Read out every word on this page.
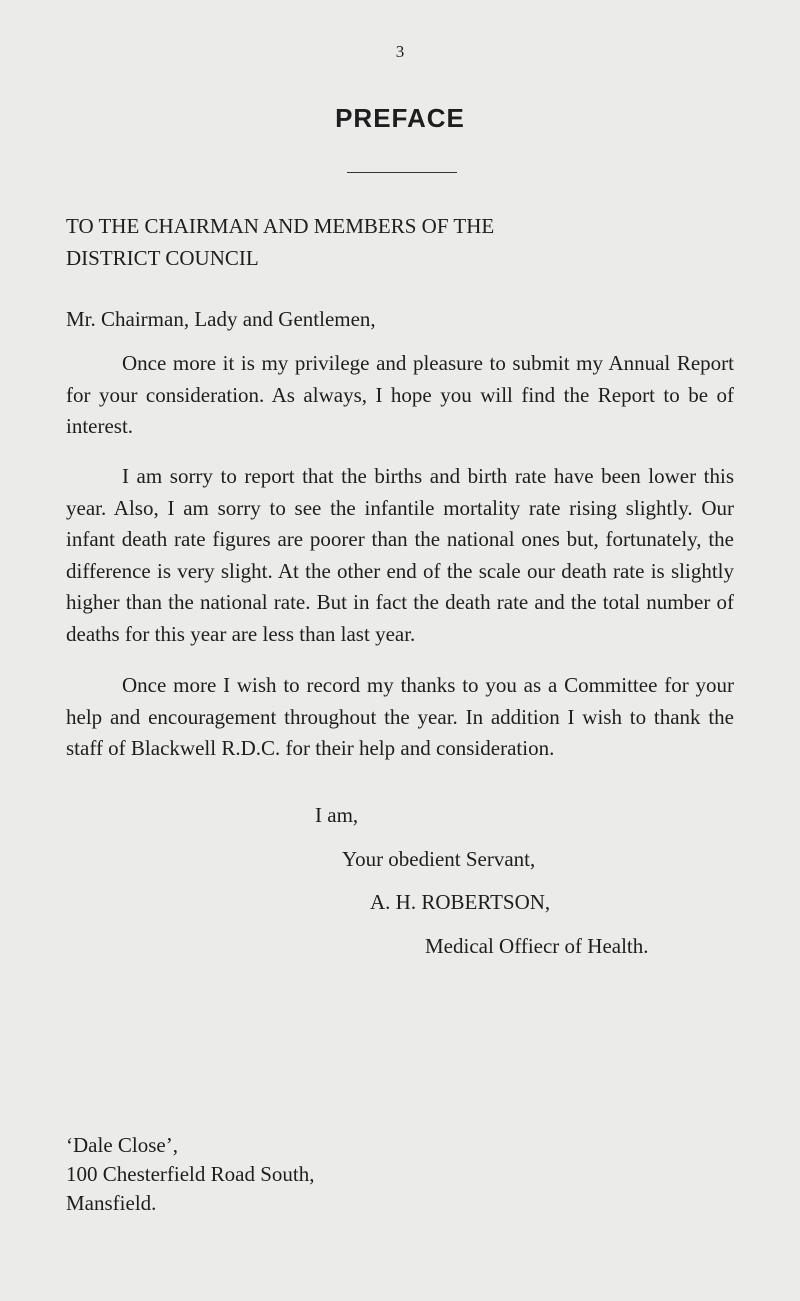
3
PREFACE
TO THE CHAIRMAN AND MEMBERS OF THE
DISTRICT COUNCIL

Mr. Chairman, Lady and Gentlemen,

Once more it is my privilege and pleasure to submit my Annual Report for your consideration. As always, I hope you will find the Report to be of interest.

I am sorry to report that the births and birth rate have been lower this year. Also, I am sorry to see the infantile mortality rate rising slightly. Our infant death rate figures are poorer than the national ones but, fortunately, the difference is very slight. At the other end of the scale our death rate is slightly higher than the national rate. But in fact the death rate and the total number of deaths for this year are less than last year.

Once more I wish to record my thanks to you as a Committee for your help and encouragement throughout the year. In addition I wish to thank the staff of Blackwell R.D.C. for their help and consideration.

I am,

Your obedient Servant,

A. H. ROBERTSON,

Medical Offiecr of Health.

‘Dale Close’,
100 Chesterfield Road South,
Mansfield.
